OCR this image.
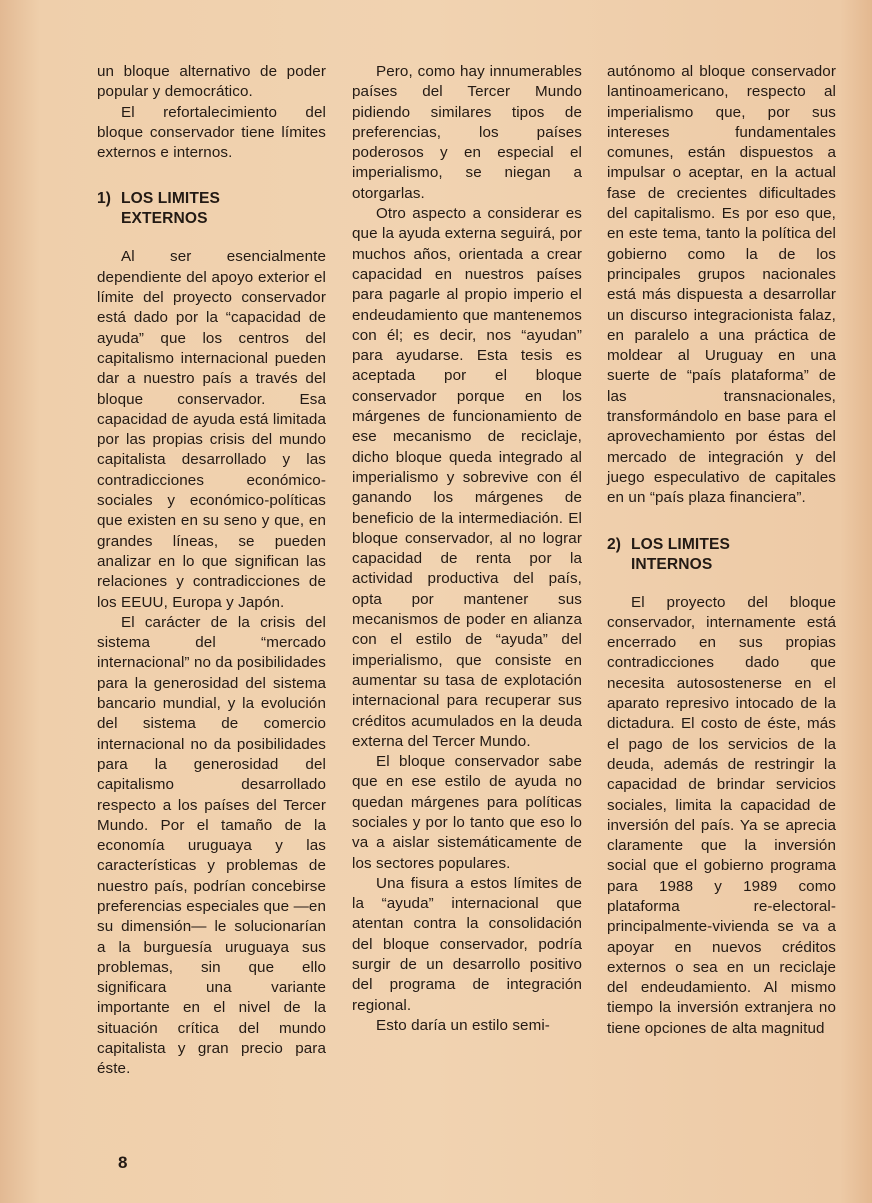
un bloque alternativo de poder popular y democrático.

El refortalecimiento del bloque conservador tiene límites externos e internos.

1) LOS LIMITES
EXTERNOS

Al ser esencialmente dependiente del apoyo exterior el límite del proyecto conservador está dado por la “capacidad de ayuda” que los centros del capitalismo internacional pueden dar a nuestro país a través del bloque conservador. Esa capacidad de ayuda está limitada por las propias crisis del mundo capitalista desarrollado y las contradicciones económico-sociales y económico-políticas que existen en su seno y que, en grandes líneas, se pueden analizar en lo que significan las relaciones y contradicciones de los EEUU, Europa y Japón.

El carácter de la crisis del sistema del “mercado internacional” no da posibilidades para la generosidad del sistema bancario mundial, y la evolución del sistema de comercio internacional no da posibilidades para la generosidad del capitalismo desarrollado respecto a los países del Tercer Mundo. Por el tamaño de la economía uruguaya y las características y problemas de nuestro país, podrían concebirse preferencias especiales que —en su dimensión— le solucionarían a la burguesía uruguaya sus problemas, sin que ello significara una variante importante en el nivel de la situación crítica del mundo capitalista y gran precio para éste.

Pero, como hay innumerables países del Tercer Mundo pidiendo similares tipos de preferencias, los países poderosos y en especial el imperialismo, se niegan a otorgarlas.

Otro aspecto a considerar es que la ayuda externa seguirá, por muchos años, orientada a crear capacidad en nuestros países para pagarle al propio imperio el endeudamiento que mantenemos con él; es decir, nos “ayudan” para ayudarse. Esta tesis es aceptada por el bloque conservador porque en los márgenes de funcionamiento de ese mecanismo de reciclaje, dicho bloque queda integrado al imperialismo y sobrevive con él ganando los márgenes de beneficio de la intermediación. El bloque conservador, al no lograr capacidad de renta por la actividad productiva del país, opta por mantener sus mecanismos de poder en alianza con el estilo de “ayuda” del imperialismo, que consiste en aumentar su tasa de explotación internacional para recuperar sus créditos acumulados en la deuda externa del Tercer Mundo.

El bloque conservador sabe que en ese estilo de ayuda no quedan márgenes para políticas sociales y por lo tanto que eso lo va a aislar sistemáticamente de los sectores populares.

Una fisura a estos límites de la “ayuda” internacional que atentan contra la consolidación del bloque conservador, podría surgir de un desarrollo positivo del programa de integración regional.

Esto daría un estilo semi-

autónomo al bloque conservador lantinoamericano, respecto al imperialismo que, por sus intereses fundamentales comunes, están dispuestos a impulsar o aceptar, en la actual fase de crecientes dificultades del capitalismo. Es por eso que, en este tema, tanto la política del gobierno como la de los principales grupos nacionales está más dispuesta a desarrollar un discurso integracionista falaz, en paralelo a una práctica de moldear al Uruguay en una suerte de “país plataforma” de las transnacionales, transformándolo en base para el aprovechamiento por éstas del mercado de integración y del juego especulativo de capitales en un “país plaza financiera”.

2) LOS LIMITES
INTERNOS

El proyecto del bloque conservador, internamente está encerrado en sus propias contradicciones dado que necesita autosostenerse en el aparato represivo intocado de la dictadura. El costo de éste, más el pago de los servicios de la deuda, además de restringir la capacidad de brindar servicios sociales, limita la capacidad de inversión del país. Ya se aprecia claramente que la inversión social que el gobierno programa para 1988 y 1989 como plataforma re-electoral-principalmente-vivienda se va a apoyar en nuevos créditos externos o sea en un reciclaje del endeudamiento. Al mismo tiempo la inversión extranjera no tiene opciones de alta magnitud

8
